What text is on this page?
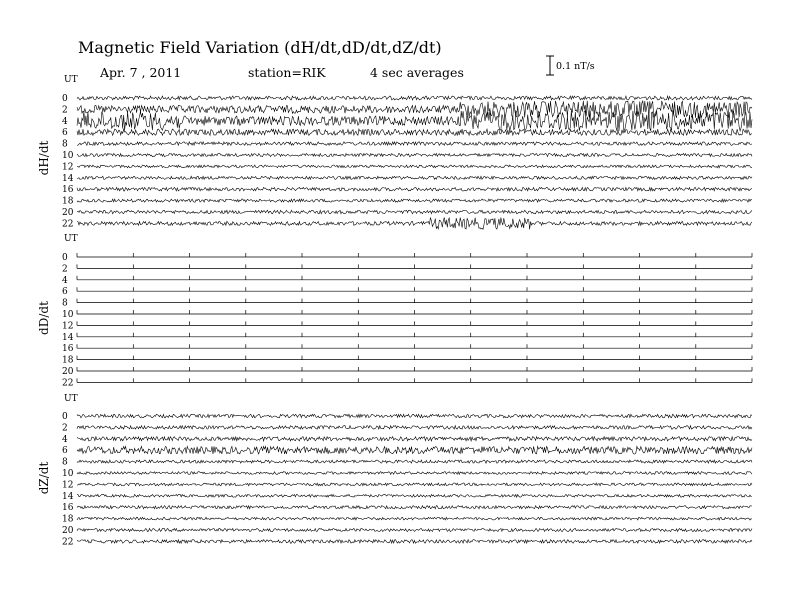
Magnetic Field Variation (dH/dt,dD/dt,dZ/dt)
Apr. 7 , 2011	station=RIK	4 sec averages	0.1 nT/s
UT
dH/dt
0
2
4
6
8
10
12
14
16
18
20
22
UT
dD/dt
0
2
4
6
8
10
12
14
16
18
20
22
UT
dZ/dt
0
2
4
6
8
10
12
14
16
18
20
22
